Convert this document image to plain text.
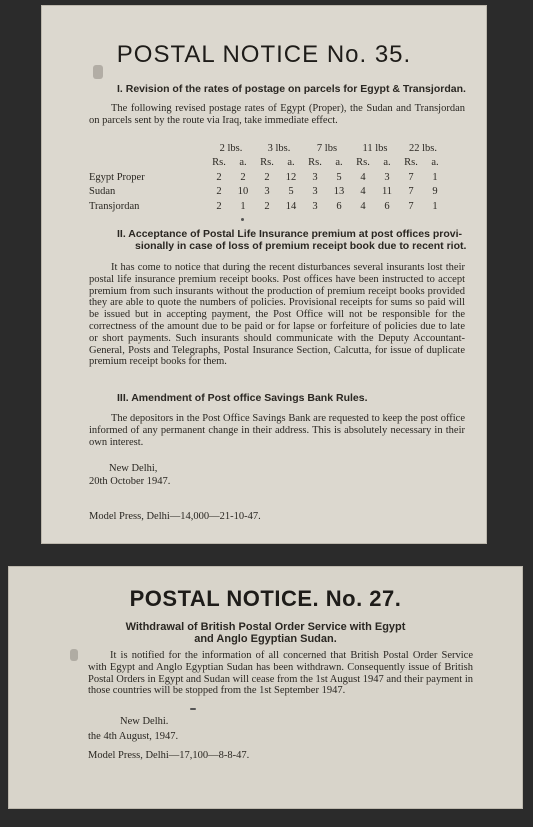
POSTAL NOTICE No. 35.
I. Revision of the rates of postage on parcels for Egypt & Transjordan.
The following revised postage rates of Egypt (Proper), the Sudan and Transjordan on parcels sent by the route via Iraq, take immediate effect.
	2 lbs.		3 lbs.		7 lbs		11 lbs		22 lbs.	
	Rs.	a.	Rs.	a.	Rs.	a.	Rs.	a.	Rs.	a.
Egypt Proper	2	2	2	12	3	5	4	3	7	1
Sudan	2	10	3	5	3	13	4	11	7	9
Transjordan	2	1	2	14	3	6	4	6	7	1
II. Acceptance of Postal Life Insurance premium at post offices provi-
sionally in case of loss of premium receipt book due to recent riot.
It has come to notice that during the recent disturbances several insurants lost their postal life insurance premium receipt books. Post offices have been instructed to accept premium from such insurants without the production of premium receipt books provided they are able to quote the numbers of policies. Provisional receipts for sums so paid will be issued but in accepting payment, the Post Office will not be responsible for the correctness of the amount due to be paid or for lapse or forfeiture of policies due to late or short payments. Such insurants should communicate with the Deputy Accountant-General, Posts and Telegraphs, Postal Insurance Section, Calcutta, for issue of duplicate premium receipt books for them.
III. Amendment of Post office Savings Bank Rules.
The depositors in the Post Office Savings Bank are requested to keep the post office informed of any permanent change in their address. This is absolutely necessary in their own interest.
New Delhi,
20th October 1947.
Model Press, Delhi—14,000—21-10-47.
POSTAL NOTICE. No. 27.
Withdrawal of British Postal Order Service with Egypt
and Anglo Egyptian Sudan.
It is notified for the information of all concerned that British Postal Order Service with Egypt and Anglo Egyptian Sudan has been withdrawn. Consequently issue of British Postal Orders in Egypt and Sudan will cease from the 1st August 1947 and their payment in those countries will be stopped from the 1st September 1947.
New Delhi.
the 4th August, 1947.
Model Press, Delhi—17,100—8-8-47.
